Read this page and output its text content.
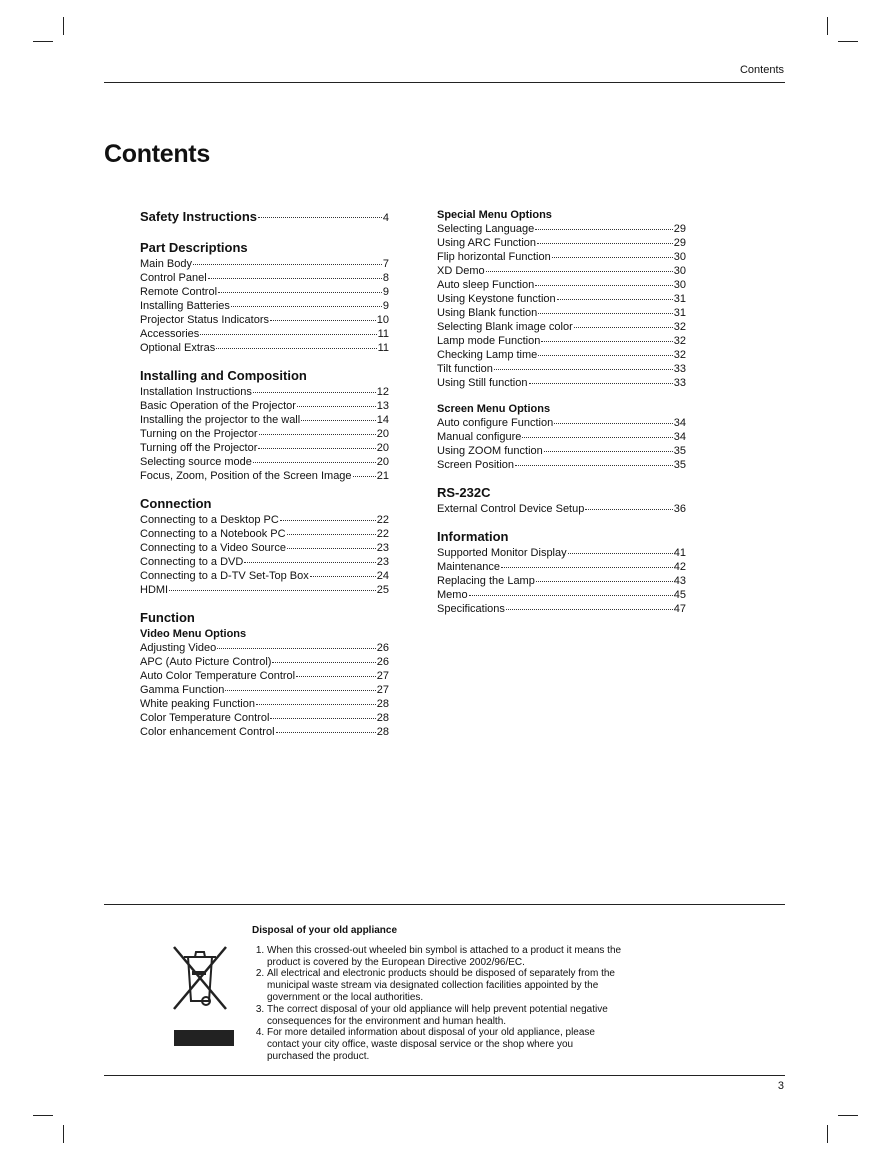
Contents
Contents
Safety Instructions	4
Part Descriptions
Main Body	7
Control Panel	8
Remote Control	9
Installing Batteries	9
Projector Status Indicators	10
Accessories	11
Optional Extras	11
Installing and Composition
Installation Instructions	12
Basic Operation of the Projector	13
Installing the projector to the wall	14
Turning on the Projector	20
Turning off the Projector	20
Selecting source mode	20
Focus, Zoom, Position of the Screen Image 21
Connection
Connecting to a Desktop PC	22
Connecting to a Notebook PC	22
Connecting to a Video Source	23
Connecting to a DVD	23
Connecting to a D-TV Set-Top Box	24
HDMI	25
Function
Video Menu Options
Adjusting Video	26
APC (Auto Picture Control)	26
Auto Color Temperature Control	27
Gamma Function	27
White peaking Function	28
Color Temperature Control	28
Color enhancement Control	28
Special Menu Options
Selecting Language	29
Using ARC Function	29
Flip horizontal Function	30
XD Demo	30
Auto sleep Function	30
Using Keystone function	31
Using Blank function	31
Selecting Blank image color	32
Lamp mode Function	32
Checking Lamp time	32
Tilt function	33
Using Still function	33
Screen Menu Options
Auto configure Function	34
Manual configure	34
Using ZOOM function	35
Screen Position	35
RS-232C
External Control Device Setup	36
Information
Supported Monitor Display	41
Maintenance	42
Replacing the Lamp	43
Memo	45
Specifications	47
Disposal of your old appliance
1. When this crossed-out wheeled bin symbol is attached to a product it means the product is covered by the European Directive 2002/96/EC.
2. All electrical and electronic products should be disposed of separately from the municipal waste stream via designated collection facilities appointed by the government or the local authorities.
3. The correct disposal of your old appliance will help prevent potential negative consequences for the environment and human health.
4. For more detailed information about disposal of your old appliance, please contact your city office, waste disposal service or the shop where you purchased the product.
3
